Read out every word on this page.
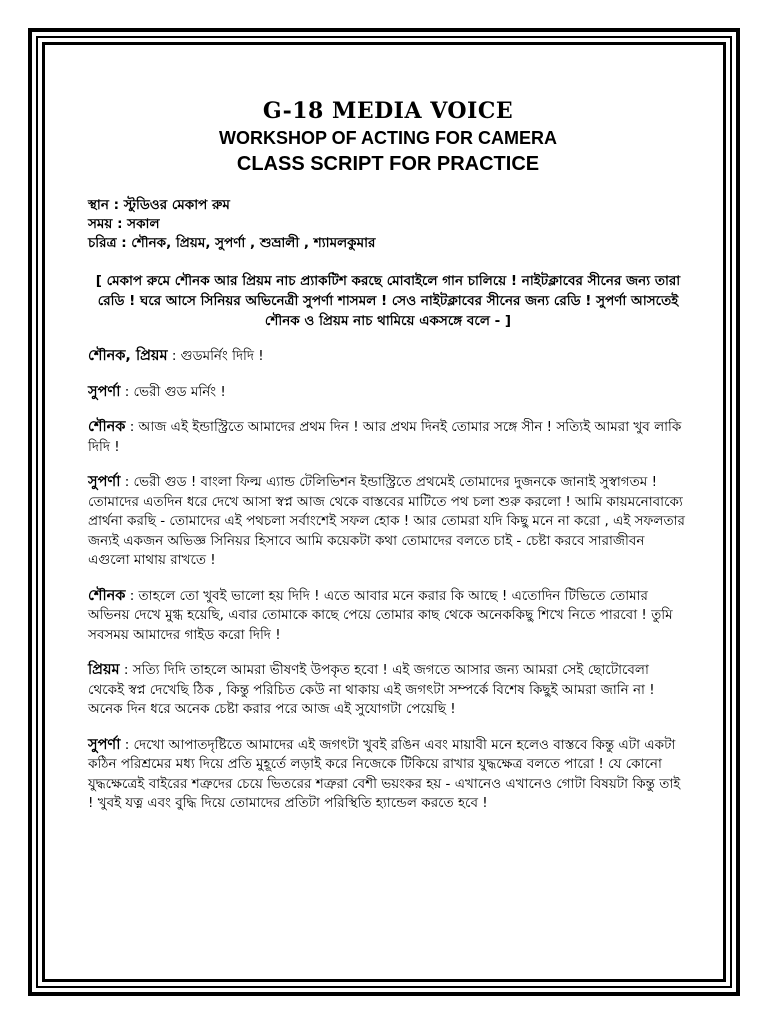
G-18 MEDIA VOICE

WORKSHOP OF ACTING FOR CAMERA

CLASS SCRIPT FOR PRACTICE

স্থান : স্টুডিওর মেকাপ রুম
সময় : সকাল
চরিত্র : শৌনক, প্রিয়ম, সুপর্ণা , শুভ্রালী , শ্যামলকুমার
[ মেকাপ রুমে শৌনক আর প্রিয়ম নাচ প্র্যাকটিশ করছে মোবাইলে গান চালিয়ে ! নাইটক্লাবের সীনের জন্য তারা রেডি ! ঘরে আসে সিনিয়র অভিনেত্রী সুপর্ণা শাসমল ! সেও নাইটক্লাবের সীনের জন্য রেডি ! সুপর্ণা আসতেই শৌনক ও প্রিয়ম নাচ থামিয়ে একসঙ্গে বলে - ]
শৌনক, প্রিয়ম : গুডমর্নিং দিদি !
সুপর্ণা : ভেরী গুড মর্নিং !
শৌনক : আজ এই ইন্ডাস্ট্রিতে আমাদের প্রথম দিন ! আর প্রথম দিনই তোমার সঙ্গে সীন ! সত্যিই আমরা খুব লাকি দিদি !
সুপর্ণা : ভেরী গুড ! বাংলা ফিল্ম এ্যান্ড টেলিভিশন ইন্ডাস্ট্রিতে প্রথমেই তোমাদের দুজনকে জানাই সুস্বাগতম ! তোমাদের এতদিন ধরে দেখে আসা স্বপ্ন আজ থেকে বাস্তবের মাটিতে পথ চলা শুরু করলো ! আমি কায়মনোবাক্যে প্রার্থনা করছি - তোমাদের এই পথচলা সর্বাংশেই সফল হোক ! আর তোমরা যদি কিছু মনে না করো , এই সফলতার জন্যই একজন অভিজ্ঞ সিনিয়র হিসাবে আমি কয়েকটা কথা তোমাদের বলতে চাই - চেষ্টা করবে সারাজীবন এগুলো মাথায় রাখতে !
শৌনক : তাহলে তো খুবই ভালো হয় দিদি ! এতে আবার মনে করার কি আছে ! এতোদিন টিভিতে তোমার অভিনয় দেখে মুগ্ধ হয়েছি, এবার তোমাকে কাছে পেয়ে তোমার কাছ থেকে অনেককিছু শিখে নিতে পারবো ! তুমি সবসময় আমাদের গাইড করো দিদি !
প্রিয়ম : সত্যি দিদি তাহলে আমরা ভীষণই উপকৃত হবো ! এই জগতে আসার জন্য আমরা সেই ছোটোবেলা থেকেই স্বপ্ন দেখেছি ঠিক , কিন্তু পরিচিত কেউ না থাকায় এই জগৎটা সম্পর্কে বিশেষ কিছুই আমরা জানি না ! অনেক দিন ধরে অনেক চেষ্টা করার পরে আজ এই সুযোগটা পেয়েছি !
সুপর্ণা : দেখো আপাতদৃষ্টিতে আমাদের এই জগৎটা খুবই রঙিন এবং মায়াবী মনে হলেও বাস্তবে কিন্তু এটা একটা কঠিন পরিশ্রমের মধ্য দিয়ে প্রতি মুহূর্তে লড়াই করে নিজেকে টিকিয়ে রাখার যুদ্ধক্ষেত্র বলতে পারো ! যে কোনো যুদ্ধক্ষেত্রেই বাইরের শত্রুদের চেয়ে ভিতরের শত্রুরা বেশী ভয়ংকর হয় - এখানেও এখানেও গোটা বিষয়টা কিন্তু তাই ! খুবই যত্ন এবং বুদ্ধি দিয়ে তোমাদের প্রতিটা পরিস্থিতি হ্যান্ডেল করতে হবে !
